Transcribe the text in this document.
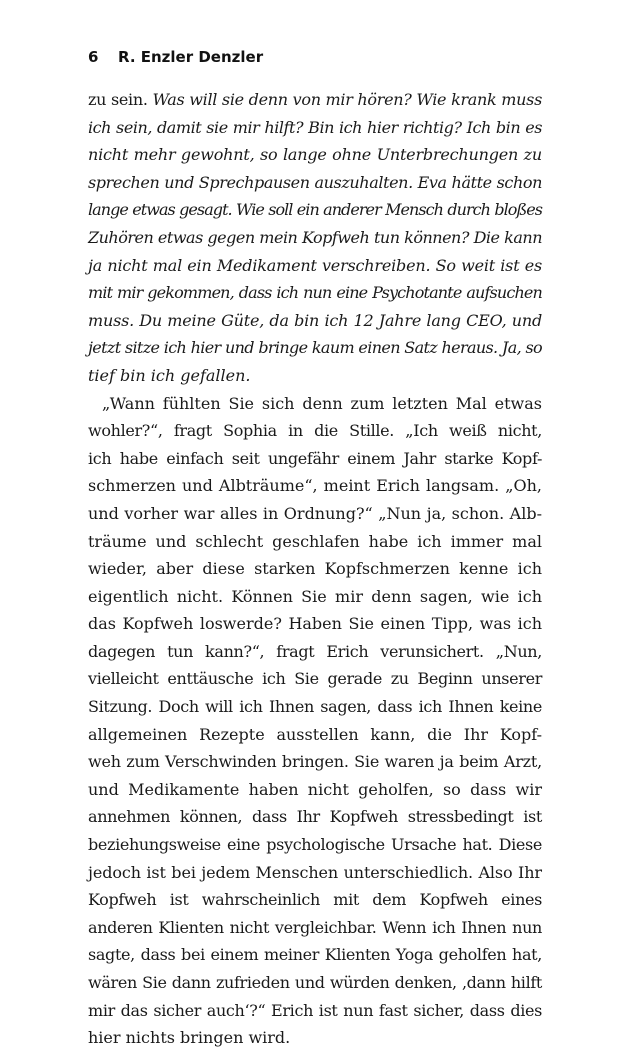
6 R. Enzler Denzler
zu sein. Was will sie denn von mir hören? Wie krank muss
ich sein, damit sie mir hilft? Bin ich hier richtig? Ich bin es
nicht mehr gewohnt, so lange ohne Unterbrechungen zu
sprechen und Sprechpausen auszuhalten. Eva hätte schon
lange etwas gesagt. Wie soll ein anderer Mensch durch bloßes
Zuhören etwas gegen mein Kopfweh tun können? Die kann
ja nicht mal ein Medikament verschreiben. So weit ist es
mit mir gekommen, dass ich nun eine Psychotante aufsuchen
muss. Du meine Güte, da bin ich 12 Jahre lang CEO, und
jetzt sitze ich hier und bringe kaum einen Satz heraus. Ja, so
tief bin ich gefallen.
„Wann fühlten Sie sich denn zum letzten Mal etwas
wohler?“, fragt Sophia in die Stille. „Ich weiß nicht,
ich habe einfach seit ungefähr einem Jahr starke Kopf-
schmerzen und Albträume“, meint Erich langsam. „Oh,
und vorher war alles in Ordnung?“ „Nun ja, schon. Alb-
träume und schlecht geschlafen habe ich immer mal
wieder, aber diese starken Kopfschmerzen kenne ich
eigentlich nicht. Können Sie mir denn sagen, wie ich
das Kopfweh loswerde? Haben Sie einen Tipp, was ich
dagegen tun kann?“, fragt Erich verunsichert. „Nun,
vielleicht enttäusche ich Sie gerade zu Beginn unserer
Sitzung. Doch will ich Ihnen sagen, dass ich Ihnen keine
allgemeinen Rezepte ausstellen kann, die Ihr Kopf-
weh zum Verschwinden bringen. Sie waren ja beim Arzt,
und Medikamente haben nicht geholfen, so dass wir
annehmen können, dass Ihr Kopfweh stressbedingt ist
beziehungsweise eine psychologische Ursache hat. Diese
jedoch ist bei jedem Menschen unterschiedlich. Also Ihr
Kopfweh ist wahrscheinlich mit dem Kopfweh eines
anderen Klienten nicht vergleichbar. Wenn ich Ihnen nun
sagte, dass bei einem meiner Klienten Yoga geholfen hat,
wären Sie dann zufrieden und würden denken, ‚dann hilft
mir das sicher auch‘?“ Erich ist nun fast sicher, dass dies
hier nichts bringen wird.
